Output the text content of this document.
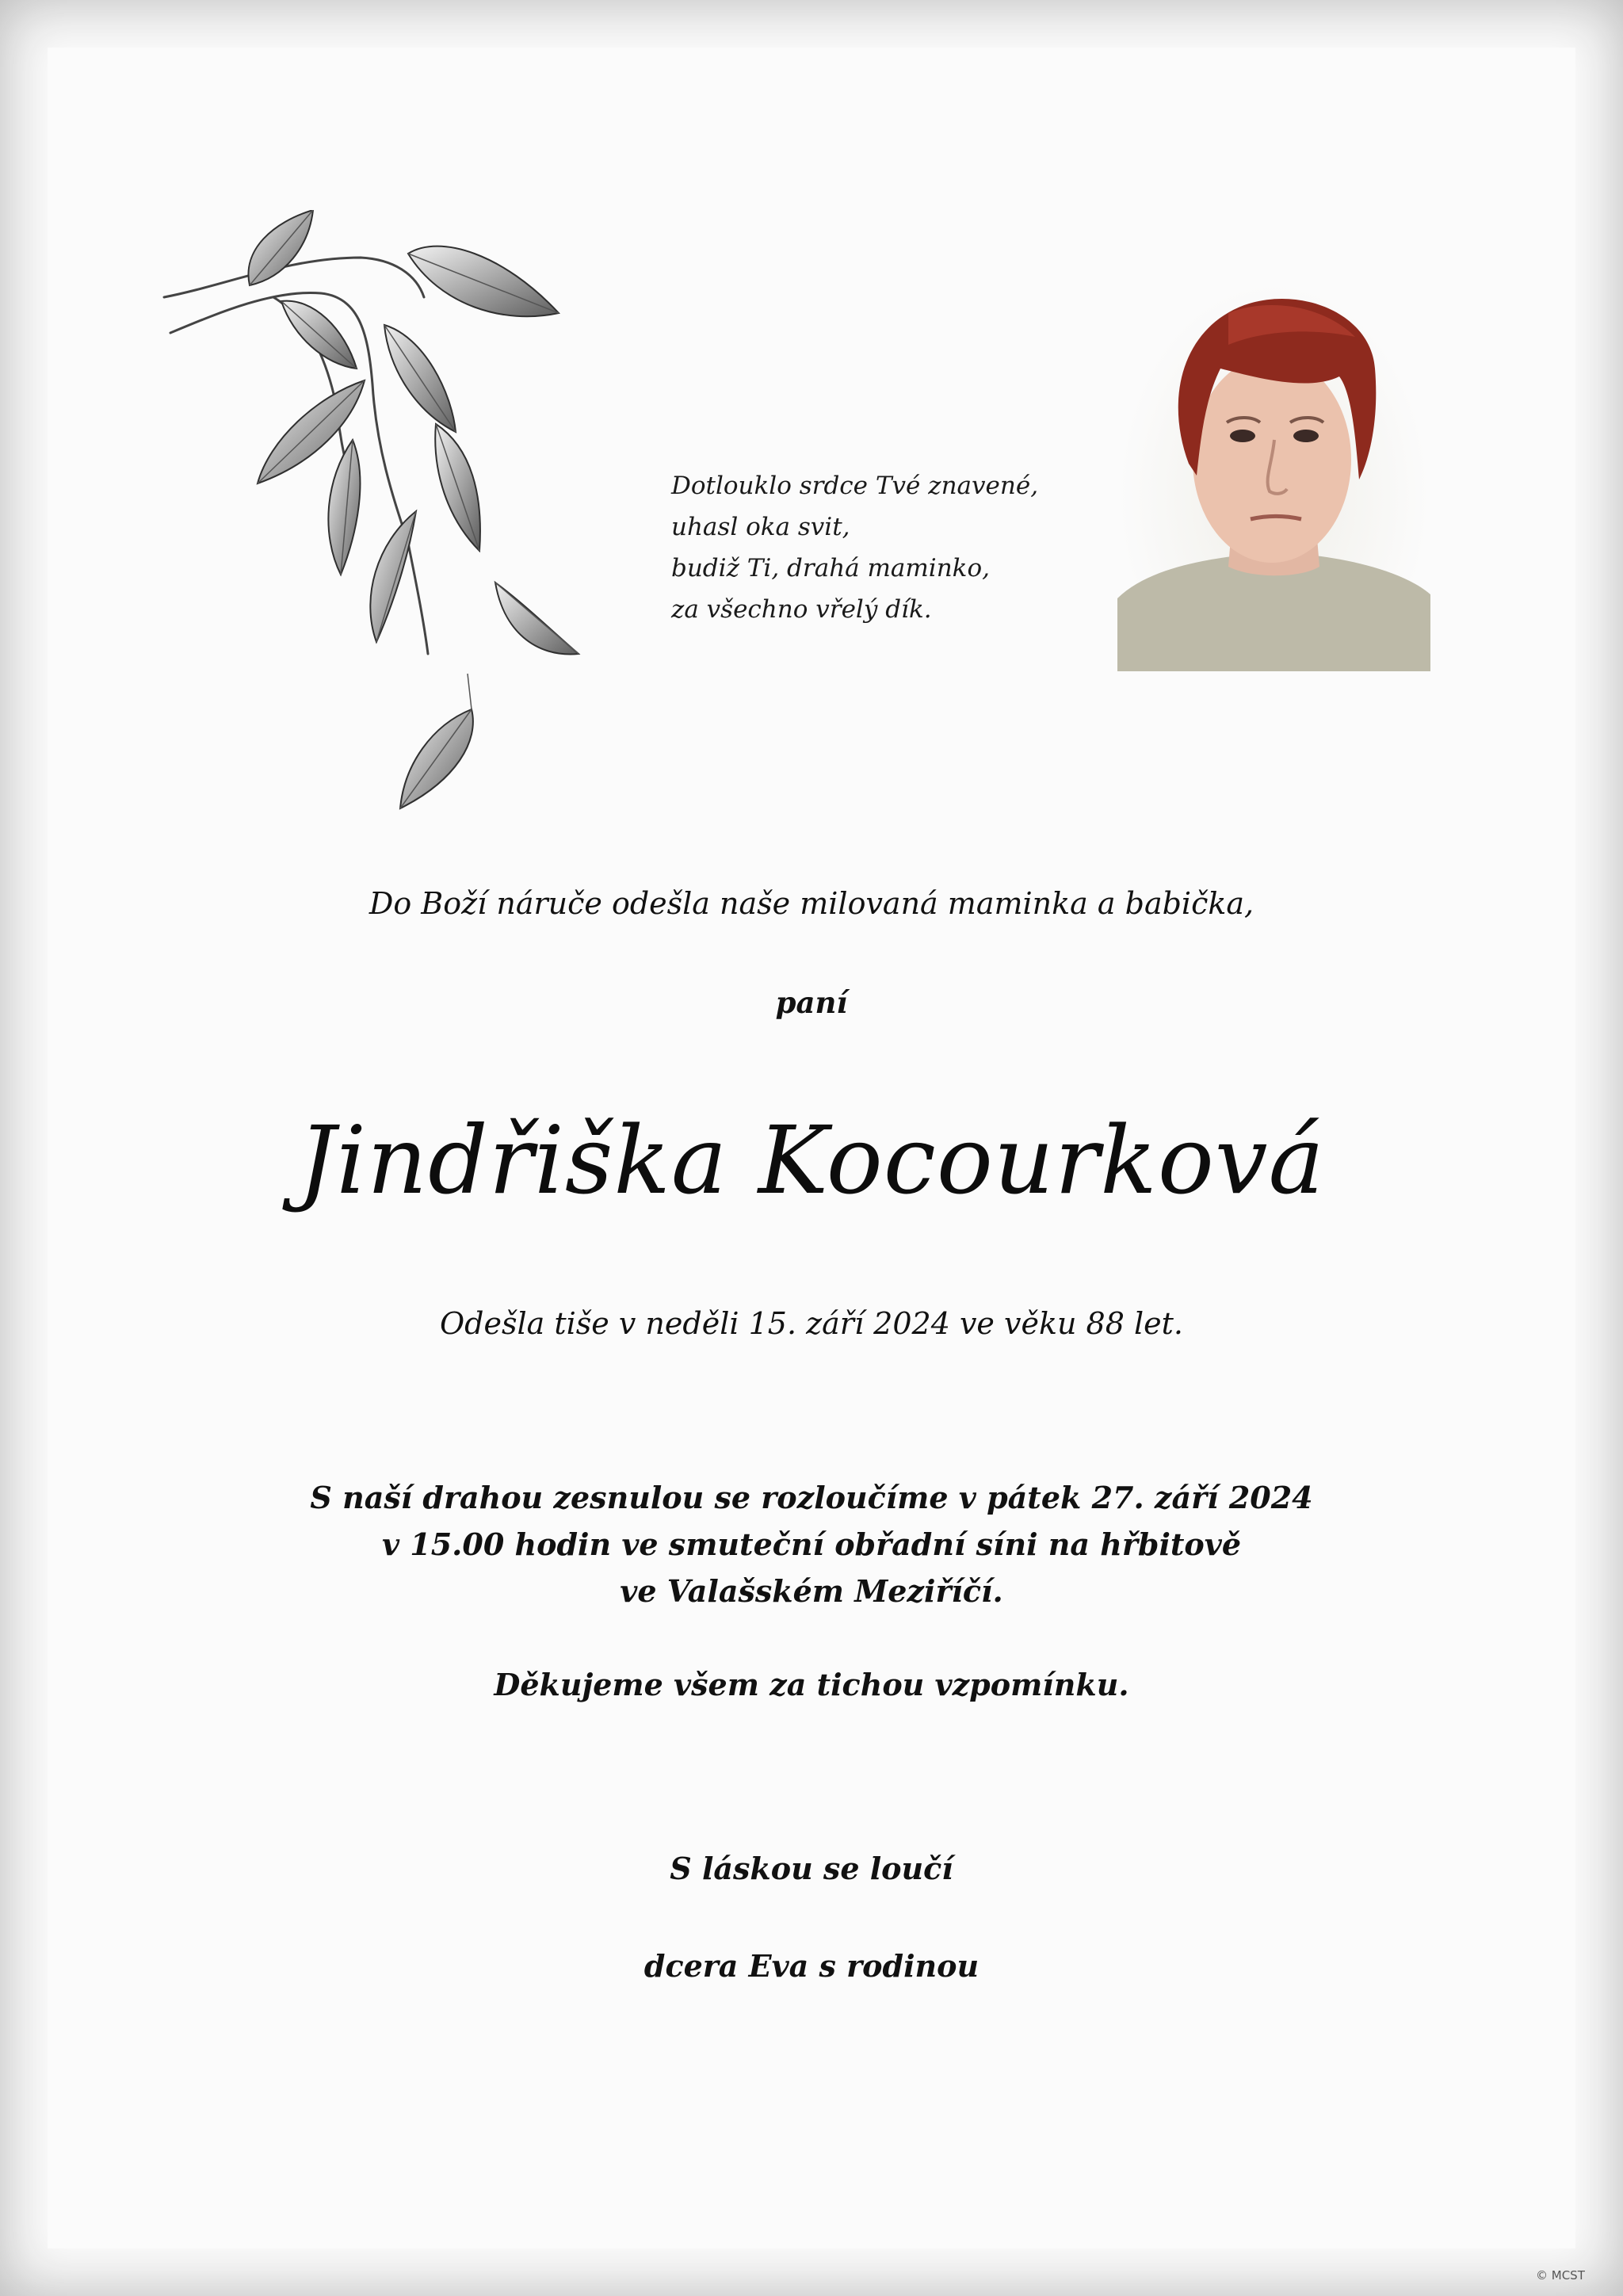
Dotlouklo srdce Tvé znavené,
uhasl oka svit,
budiž Ti, drahá maminko,
za všechno vřelý dík.
Do Boží náruče odešla naše milovaná maminka a babička,
paní
Jindřiška Kocourková
Odešla tiše v neděli 15. září 2024 ve věku 88 let.
S naší drahou zesnulou se rozloučíme v pátek 27. září 2024
v 15.00 hodin ve smuteční obřadní síni na hřbitově
ve Valašském Meziříčí.
Děkujeme všem za tichou vzpomínku.
S láskou se loučí
dcera Eva s rodinou
© MCST
